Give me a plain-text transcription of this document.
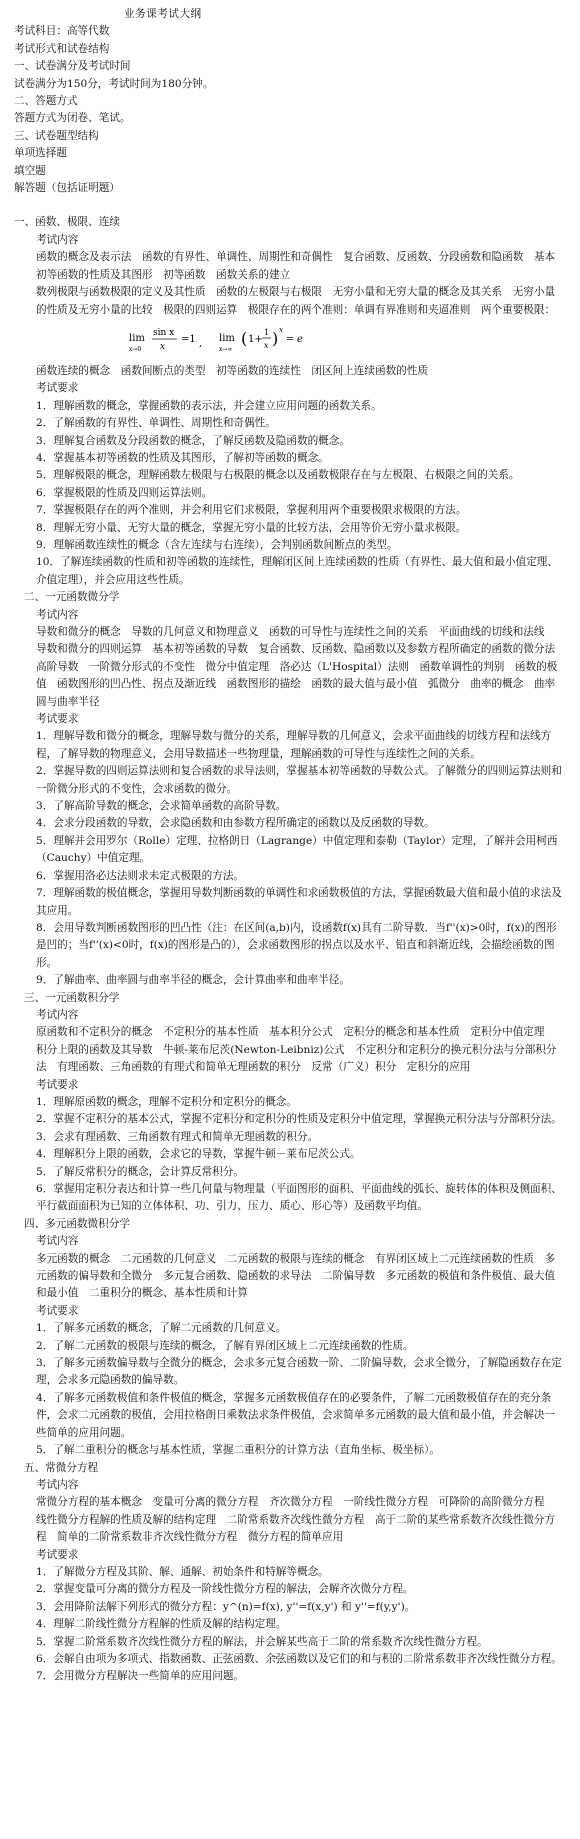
业务课考试大纲

考试科目：高等代数

考试形式和试卷结构

一、试卷满分及考试时间

试卷满分为150分，考试时间为180分钟。

二、答题方式

答题方式为闭卷、笔试。

三、试卷题型结构

单项选择题

填空题

解答题（包括证明题）

一、函数、极限、连续

考试内容

函数的概念及表示法　函数的有界性、单调性、周期性和奇偶性　复合函数、反函数、分段函数和隐函数　基本初等函数的性质及其图形　初等函数　函数关系的建立

数列极限与函数极限的定义及其性质　函数的左极限与右极限　无穷小量和无穷大量的概念及其关系　无穷小量的性质及无穷小量的比较　极限的四则运算　极限存在的两个准则：单调有界准则和夹逼准则　两个重要极限：

lim
x→0
sin x
x
=1 , lim
x→∞
( 1+
1
x ) x
= e

函数连续的概念　函数间断点的类型　初等函数的连续性　闭区间上连续函数的性质

考试要求

1．理解函数的概念，掌握函数的表示法，并会建立应用问题的函数关系。

2．了解函数的有界性、单调性、周期性和奇偶性。

3．理解复合函数及分段函数的概念，了解反函数及隐函数的概念。

4．掌握基本初等函数的性质及其图形，了解初等函数的概念。

5．理解极限的概念，理解函数左极限与右极限的概念以及函数极限存在与左极限、右极限之间的关系。

6．掌握极限的性质及四则运算法则。

7．掌握极限存在的两个准则，并会利用它们求极限，掌握利用两个重要极限求极限的方法。

8．理解无穷小量、无穷大量的概念，掌握无穷小量的比较方法，会用等价无穷小量求极限。

9．理解函数连续性的概念（含左连续与右连续），会判别函数间断点的类型。

10．了解连续函数的性质和初等函数的连续性，理解闭区间上连续函数的性质（有界性、最大值和最小值定理、介值定理），并会应用这些性质。

二、一元函数微分学

考试内容

导数和微分的概念　导数的几何意义和物理意义　函数的可导性与连续性之间的关系　平面曲线的切线和法线　导数和微分的四则运算　基本初等函数的导数　复合函数、反函数、隐函数以及参数方程所确定的函数的微分法　高阶导数　一阶微分形式的不变性　微分中值定理　洛必达（L'Hospital）法则　函数单调性的判别　函数的极值　函数图形的凹凸性、拐点及渐近线　函数图形的描绘　函数的最大值与最小值　弧微分　曲率的概念　曲率圆与曲率半径

考试要求

1．理解导数和微分的概念，理解导数与微分的关系，理解导数的几何意义，会求平面曲线的切线方程和法线方程，了解导数的物理意义，会用导数描述一些物理量，理解函数的可导性与连续性之间的关系。

2．掌握导数的四则运算法则和复合函数的求导法则，掌握基本初等函数的导数公式。了解微分的四则运算法则和一阶微分形式的不变性，会求函数的微分。

3．了解高阶导数的概念，会求简单函数的高阶导数。

4．会求分段函数的导数，会求隐函数和由参数方程所确定的函数以及反函数的导数。

5．理解并会用罗尔（Rolle）定理、拉格朗日（Lagrange）中值定理和泰勒（Taylor）定理，了解并会用柯西（Cauchy）中值定理。

6．掌握用洛必达法则求未定式极限的方法。

7．理解函数的极值概念，掌握用导数判断函数的单调性和求函数极值的方法，掌握函数最大值和最小值的求法及其应用。

8．会用导数判断函数图形的凹凸性（注：在区间(a,b)内，设函数f(x)具有二阶导数．当f''(x)>0时，f(x)的图形是凹的；当f''(x)<0时，f(x)的图形是凸的），会求函数图形的拐点以及水平、铅直和斜渐近线，会描绘函数的图形。

9．了解曲率、曲率圆与曲率半径的概念，会计算曲率和曲率半径。

三、一元函数积分学

考试内容

原函数和不定积分的概念　不定积分的基本性质　基本积分公式　定积分的概念和基本性质　定积分中值定理　积分上限的函数及其导数　牛顿-莱布尼茨(Newton-Leibniz)公式　不定积分和定积分的换元积分法与分部积分法　有理函数、三角函数的有理式和简单无理函数的积分　反常（广义）积分　定积分的应用

考试要求

1．理解原函数的概念，理解不定积分和定积分的概念。

2．掌握不定积分的基本公式，掌握不定积分和定积分的性质及定积分中值定理，掌握换元积分法与分部积分法。

3．会求有理函数、三角函数有理式和简单无理函数的积分。

4．理解积分上限的函数，会求它的导数，掌握牛顿－莱布尼茨公式。

5．了解反常积分的概念，会计算反常积分。

6．掌握用定积分表达和计算一些几何量与物理量（平面图形的面积、平面曲线的弧长、旋转体的体积及侧面积、平行截面面积为已知的立体体积、功、引力、压力、质心、形心等）及函数平均值。

四、多元函数微积分学

考试内容

多元函数的概念　二元函数的几何意义　二元函数的极限与连续的概念　有界闭区域上二元连续函数的性质　多元函数的偏导数和全微分　多元复合函数、隐函数的求导法　二阶偏导数　多元函数的极值和条件极值、最大值和最小值　二重积分的概念、基本性质和计算

考试要求

1．了解多元函数的概念，了解二元函数的几何意义。

2．了解二元函数的极限与连续的概念，了解有界闭区域上二元连续函数的性质。

3．了解多元函数偏导数与全微分的概念，会求多元复合函数一阶、二阶偏导数，会求全微分，了解隐函数存在定理，会求多元隐函数的偏导数。

4．了解多元函数极值和条件极值的概念，掌握多元函数极值存在的必要条件，了解二元函数极值存在的充分条件，会求二元函数的极值，会用拉格朗日乘数法求条件极值，会求简单多元函数的最大值和最小值，并会解决一些简单的应用问题。

5．了解二重积分的概念与基本性质，掌握二重积分的计算方法（直角坐标、极坐标）。

五、常微分方程

考试内容

常微分方程的基本概念　变量可分离的微分方程　齐次微分方程　一阶线性微分方程　可降阶的高阶微分方程　线性微分方程解的性质及解的结构定理　二阶常系数齐次线性微分方程　高于二阶的某些常系数齐次线性微分方程　简单的二阶常系数非齐次线性微分方程　微分方程的简单应用

考试要求

1．了解微分方程及其阶、解、通解、初始条件和特解等概念。

2．掌握变量可分离的微分方程及一阶线性微分方程的解法，会解齐次微分方程。

3．会用降阶法解下列形式的微分方程：y^(n)=f(x), y''=f(x,y') 和 y''=f(y,y')。

4．理解二阶线性微分方程解的性质及解的结构定理。

5．掌握二阶常系数齐次线性微分方程的解法，并会解某些高于二阶的常系数齐次线性微分方程。

6．会解自由项为多项式、指数函数、正弦函数、余弦函数以及它们的和与积的二阶常系数非齐次线性微分方程。

7．会用微分方程解决一些简单的应用问题。
